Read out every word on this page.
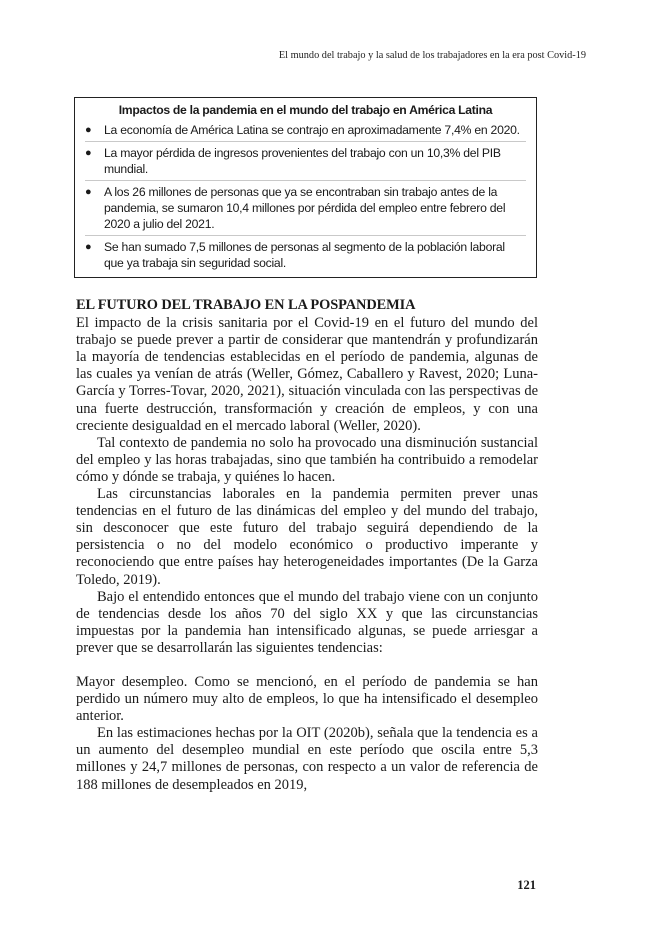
El mundo del trabajo y la salud de los trabajadores en la era post Covid-19
Impactos de la pandemia en el mundo del trabajo en América Latina
● La economía de América Latina se contrajo en aproximadamente 7,4% en 2020.
● La mayor pérdida de ingresos provenientes del trabajo con un 10,3% del PIB mundial.
● A los 26 millones de personas que ya se encontraban sin trabajo antes de la pandemia, se sumaron 10,4 millones por pérdida del empleo entre febrero del 2020 a julio del 2021.
● Se han sumado 7,5 millones de personas al segmento de la población laboral que ya trabaja sin seguridad social.
EL FUTURO DEL TRABAJO EN LA POSPANDEMIA

El impacto de la crisis sanitaria por el Covid-19 en el futuro del mundo del trabajo se puede prever a partir de considerar que mantendrán y profundizarán la mayoría de tendencias establecidas en el período de pandemia, algunas de las cuales ya venían de atrás (Weller, Gómez, Caballero y Ravest, 2020; Luna-García y Torres-Tovar, 2020, 2021), situación vinculada con las perspectivas de una fuerte destrucción, transformación y creación de empleos, y con una creciente desigualdad en el mercado laboral (Weller, 2020).

Tal contexto de pandemia no solo ha provocado una disminución sustancial del empleo y las horas trabajadas, sino que también ha contribuido a remodelar cómo y dónde se trabaja, y quiénes lo hacen.

Las circunstancias laborales en la pandemia permiten prever unas tendencias en el futuro de las dinámicas del empleo y del mundo del trabajo, sin desconocer que este futuro del trabajo seguirá dependiendo de la persistencia o no del modelo económico o productivo imperante y reconociendo que entre países hay heterogeneidades importantes (De la Garza Toledo, 2019).

Bajo el entendido entonces que el mundo del trabajo viene con un conjunto de tendencias desde los años 70 del siglo XX y que las circunstancias impuestas por la pandemia han intensificado algunas, se puede arriesgar a prever que se desarrollarán las siguientes tendencias:

Mayor desempleo. Como se mencionó, en el período de pandemia se han perdido un número muy alto de empleos, lo que ha intensificado el desempleo anterior.

En las estimaciones hechas por la OIT (2020b), señala que la tendencia es a un aumento del desempleo mundial en este período que oscila entre 5,3 millones y 24,7 millones de personas, con respecto a un valor de referencia de 188 millones de desempleados en 2019,

121
